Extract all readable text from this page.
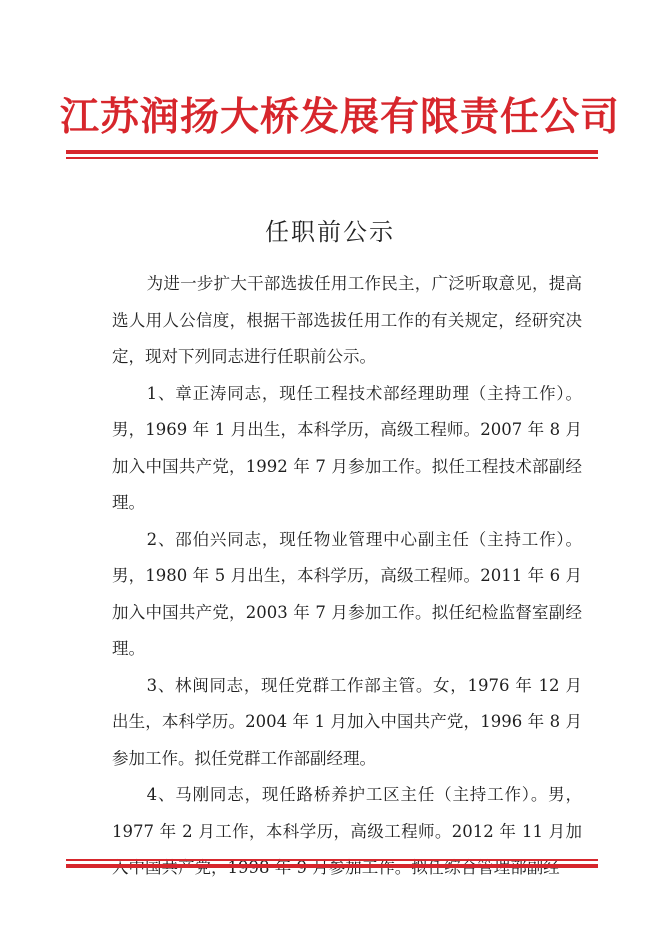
江苏润扬大桥发展有限责任公司
任职前公示

为进一步扩大干部选拔任用工作民主，广泛听取意见，提高选人用人公信度，根据干部选拔任用工作的有关规定，经研究决定，现对下列同志进行任职前公示。

1、章正涛同志，现任工程技术部经理助理（主持工作）。男，1969 年 1 月出生，本科学历，高级工程师。2007 年 8 月加入中国共产党，1992 年 7 月参加工作。拟任工程技术部副经理。

2、邵伯兴同志，现任物业管理中心副主任（主持工作）。男，1980 年 5 月出生，本科学历，高级工程师。2011 年 6 月加入中国共产党，2003 年 7 月参加工作。拟任纪检监督室副经理。

3、林闽同志，现任党群工作部主管。女，1976 年 12 月出生，本科学历。2004 年 1 月加入中国共产党，1996 年 8 月参加工作。拟任党群工作部副经理。

4、马刚同志，现任路桥养护工区主任（主持工作）。男，1977 年 2 月工作，本科学历，高级工程师。2012 年 11 月加
